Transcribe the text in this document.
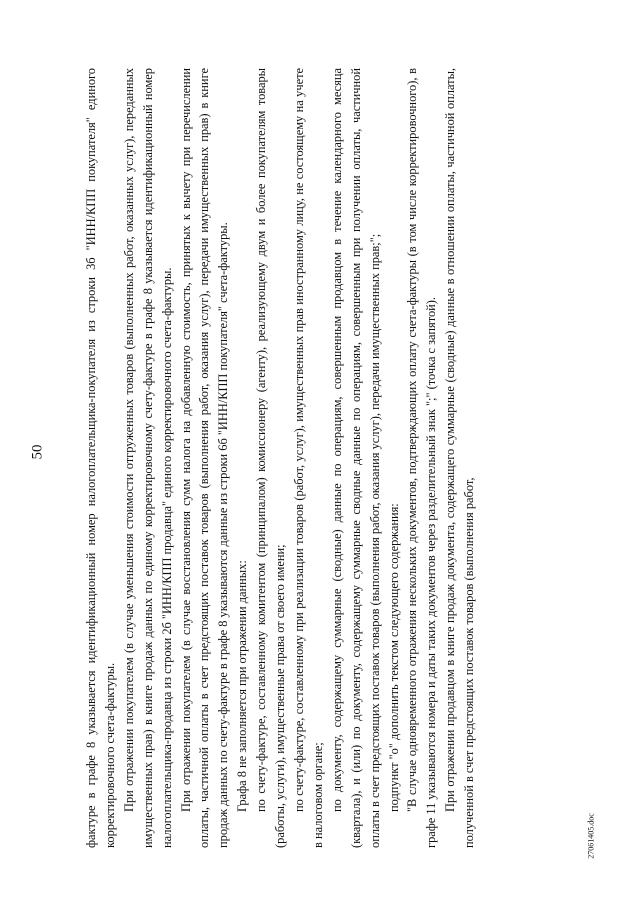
50	фактуре в графе 8 указывается идентификационный номер налогоплательщика-покупателя из строки 3б "ИНН/КПП покупателя" единого корректировочного счета-фактуры. При отражении покупателем (в случае уменьшения стоимости отгруженных товаров (выполненных работ, оказанных услуг), переданных имущественных прав) в книге продаж данных по единому корректировочному счету-фактуре в графе 8 указывается идентификационный номер налогоплательщика-продавца из строки 2б "ИНН/КПП продавца" единого корректировочного счета-фактуры. При отражении покупателем (в случае восстановления сумм налога на добавленную стоимость, принятых к вычету при перечислении оплаты, частичной оплаты в счет предстоящих поставок товаров (выполнения работ, оказания услуг), передачи имущественных прав) в книге продаж данных по счету-фактуре в графе 8 указываются данные из строки 6б "ИНН/КПП покупателя" счета-фактуры. Графа 8 не заполняется при отражении данных: по счету-фактуре, составленному комитентом (принципалом) комиссионеру (агенту), реализующему двум и более покупателям товары (работы, услуги), имущественные права от своего имени; по счету-фактуре, составленному при реализации товаров (работ, услуг), имущественных прав иностранному лицу, не состоящему на учете в налоговом органе; по документу, содержащему суммарные (сводные) данные по операциям, совершенным продавцом в течение календарного месяца (квартала), и (или) по документу, содержащему суммарные сводные данные по операциям, совершенным при получении оплаты, частичной оплаты в счет предстоящих поставок товаров (выполнения работ, оказания услуг), передачи имущественных прав;"; подпункт "о" дополнить текстом следующего содержания: "В случае одновременного отражения нескольких документов, подтверждающих оплату счета-фактуры (в том числе корректировочного), в графе 11 указываются номера и даты таких документов через разделительный знак ";" (точка с запятой). При отражении продавцом в книге продаж документа, содержащего суммарные (сводные) данные в отношении оплаты, частичной оплаты, полученной в счет предстоящих поставок товаров (выполнения работ,	27061405.doc
